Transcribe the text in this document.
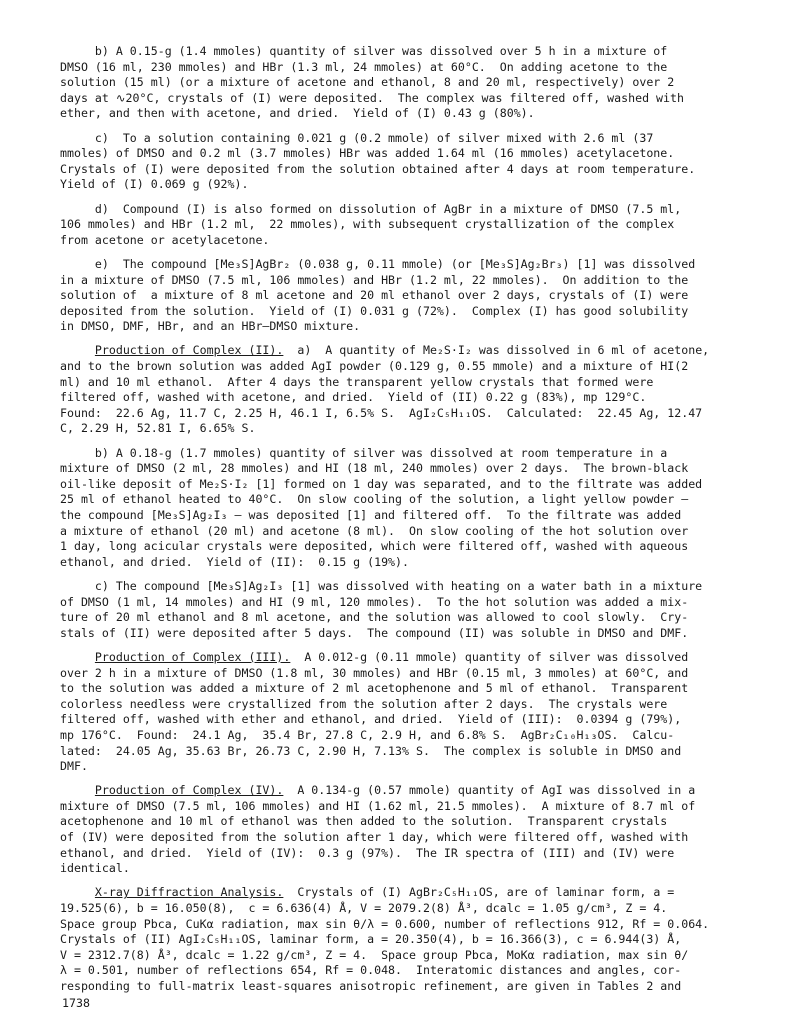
b) A 0.15-g (1.4 mmoles) quantity of silver was dissolved over 5 h in a mixture of
DMSO (16 ml, 230 mmoles) and HBr (1.3 ml, 24 mmoles) at 60°C.  On adding acetone to the
solution (15 ml) (or a mixture of acetone and ethanol, 8 and 20 ml, respectively) over 2
days at ∿20°C, crystals of (I) were deposited.  The complex was filtered off, washed with
ether, and then with acetone, and dried.  Yield of (I) 0.43 g (80%).
c)  To a solution containing 0.021 g (0.2 mmole) of silver mixed with 2.6 ml (37
mmoles) of DMSO and 0.2 ml (3.7 mmoles) HBr was added 1.64 ml (16 mmoles) acetylacetone.
Crystals of (I) were deposited from the solution obtained after 4 days at room temperature.
Yield of (I) 0.069 g (92%).
d)  Compound (I) is also formed on dissolution of AgBr in a mixture of DMSO (7.5 ml,
106 mmoles) and HBr (1.2 ml,  22 mmoles), with subsequent crystallization of the complex
from acetone or acetylacetone.
e)  The compound [Me₃S]AgBr₂ (0.038 g, 0.11 mmole) (or [Me₃S]Ag₂Br₃) [1] was dissolved
in a mixture of DMSO (7.5 ml, 106 mmoles) and HBr (1.2 ml, 22 mmoles).  On addition to the
solution of  a mixture of 8 ml acetone and 20 ml ethanol over 2 days, crystals of (I) were
deposited from the solution.  Yield of (I) 0.031 g (72%).  Complex (I) has good solubility
in DMSO, DMF, HBr, and an HBr–DMSO mixture.
Production of Complex (II).  a)  A quantity of Me₂S·I₂ was dissolved in 6 ml of acetone,
and to the brown solution was added AgI powder (0.129 g, 0.55 mmole) and a mixture of HI(2
ml) and 10 ml ethanol.  After 4 days the transparent yellow crystals that formed were
filtered off, washed with acetone, and dried.  Yield of (II) 0.22 g (83%), mp 129°C.
Found:  22.6 Ag, 11.7 C, 2.25 H, 46.1 I, 6.5% S.  AgI₂C₅H₁₁OS.  Calculated:  22.45 Ag, 12.47
C, 2.29 H, 52.81 I, 6.65% S.
b) A 0.18-g (1.7 mmoles) quantity of silver was dissolved at room temperature in a
mixture of DMSO (2 ml, 28 mmoles) and HI (18 ml, 240 mmoles) over 2 days.  The brown-black
oil-like deposit of Me₂S·I₂ [1] formed on 1 day was separated, and to the filtrate was added
25 ml of ethanol heated to 40°C.  On slow cooling of the solution, a light yellow powder –
the compound [Me₃S]Ag₂I₃ – was deposited [1] and filtered off.  To the filtrate was added
a mixture of ethanol (20 ml) and acetone (8 ml).  On slow cooling of the hot solution over
1 day, long acicular crystals were deposited, which were filtered off, washed with aqueous
ethanol, and dried.  Yield of (II):  0.15 g (19%).
c) The compound [Me₃S]Ag₂I₃ [1] was dissolved with heating on a water bath in a mixture
of DMSO (1 ml, 14 mmoles) and HI (9 ml, 120 mmoles).  To the hot solution was added a mix-
ture of 20 ml ethanol and 8 ml acetone, and the solution was allowed to cool slowly.  Cry-
stals of (II) were deposited after 5 days.  The compound (II) was soluble in DMSO and DMF.
Production of Complex (III).  A 0.012-g (0.11 mmole) quantity of silver was dissolved
over 2 h in a mixture of DMSO (1.8 ml, 30 mmoles) and HBr (0.15 ml, 3 mmoles) at 60°C, and
to the solution was added a mixture of 2 ml acetophenone and 5 ml of ethanol.  Transparent
colorless needless were crystallized from the solution after 2 days.  The crystals were
filtered off, washed with ether and ethanol, and dried.  Yield of (III):  0.0394 g (79%),
mp 176°C.  Found:  24.1 Ag,  35.4 Br, 27.8 C, 2.9 H, and 6.8% S.  AgBr₂C₁₀H₁₃OS.  Calcu-
lated:  24.05 Ag, 35.63 Br, 26.73 C, 2.90 H, 7.13% S.  The complex is soluble in DMSO and
DMF.
Production of Complex (IV).  A 0.134-g (0.57 mmole) quantity of AgI was dissolved in a
mixture of DMSO (7.5 ml, 106 mmoles) and HI (1.62 ml, 21.5 mmoles).  A mixture of 8.7 ml of
acetophenone and 10 ml of ethanol was then added to the solution.  Transparent crystals
of (IV) were deposited from the solution after 1 day, which were filtered off, washed with
ethanol, and dried.  Yield of (IV):  0.3 g (97%).  The IR spectra of (III) and (IV) were
identical.
X-ray Diffraction Analysis.  Crystals of (I) AgBr₂C₅H₁₁OS, are of laminar form, a =
19.525(6), b = 16.050(8),  c = 6.636(4) Å, V = 2079.2(8) Å³, dcalc = 1.05 g/cm³, Z = 4.
Space group Pbca, CuKα radiation, max sin θ/λ = 0.600, number of reflections 912, Rf = 0.064.
Crystals of (II) AgI₂C₅H₁₁OS, laminar form, a = 20.350(4), b = 16.366(3), c = 6.944(3) Å,
V = 2312.7(8) Å³, dcalc = 1.22 g/cm³, Z = 4.  Space group Pbca, MoKα radiation, max sin θ/
λ = 0.501, number of reflections 654, Rf = 0.048.  Interatomic distances and angles, cor-
responding to full-matrix least-squares anisotropic refinement, are given in Tables 2 and
1738
